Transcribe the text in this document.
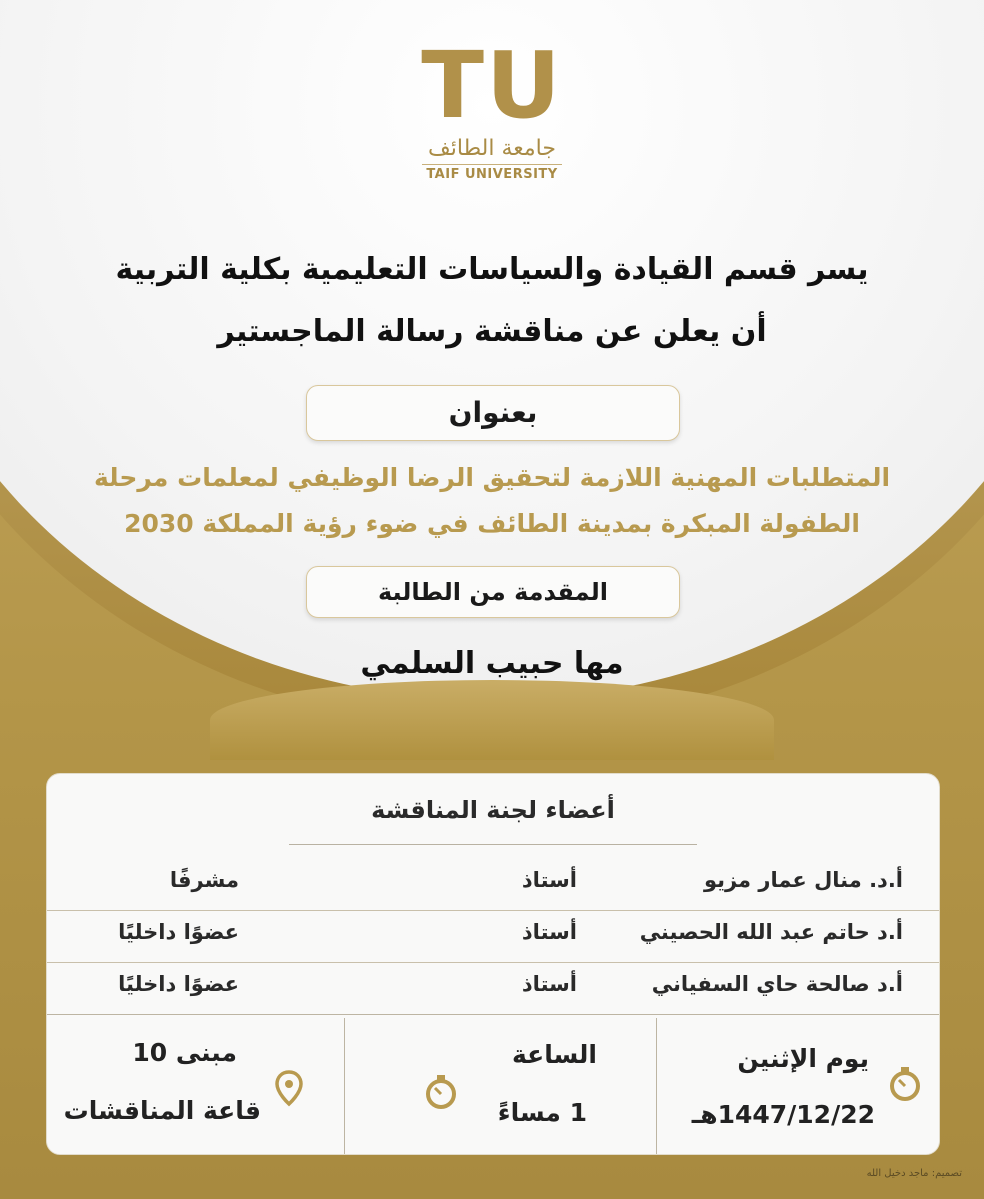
TU
جامعة الطائف
TAIF UNIVERSITY
يسر قسم القيادة والسياسات التعليمية بكلية التربية
أن يعلن عن مناقشة رسالة الماجستير
بعنوان
المتطلبات المهنية اللازمة لتحقيق الرضا الوظيفي لمعلمات مرحلة
الطفولة المبكرة بمدينة الطائف في ضوء رؤية المملكة 2030
المقدمة من الطالبة
مها حبيب السلمي
أعضاء لجنة المناقشة
أ.د. منال عمار مزيو
أستاذ
مشرفًا
أ.د حاتم عبد الله الحصيني
أستاذ
عضوًا داخليًا
أ.د صالحة حاي السفياني
أستاذ
عضوًا داخليًا
يوم الإثنين
1447/12/22هـ
الساعة
1 مساءً
مبنى 10
قاعة المناقشات
تصميم: ماجد دخيل الله
